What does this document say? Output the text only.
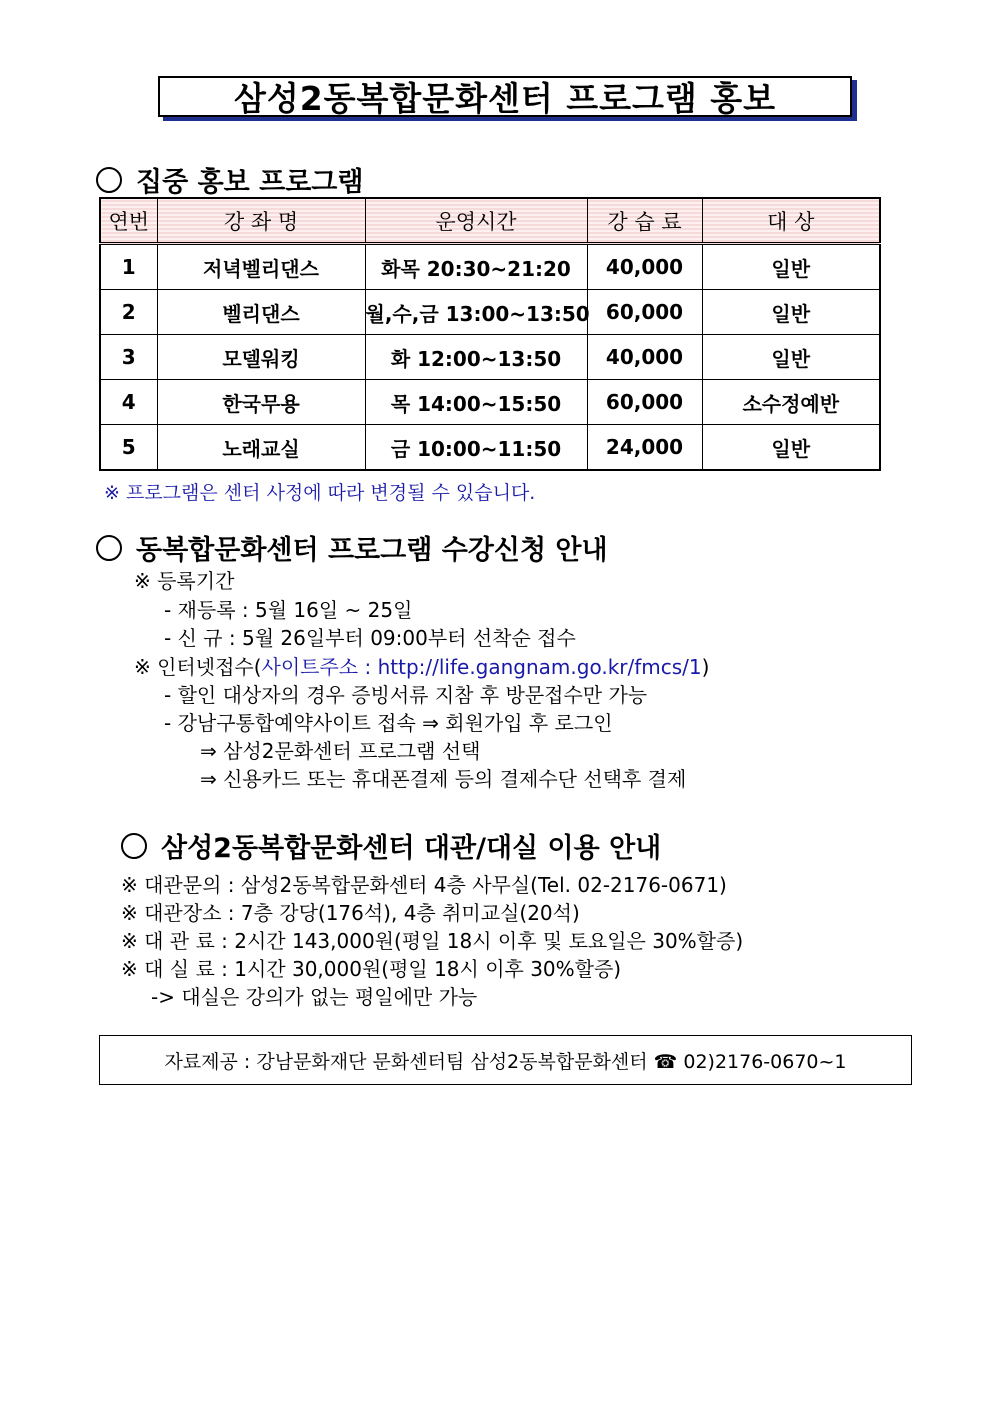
삼성2동복합문화센터 프로그램 홍보
집중 홍보 프로그램
연번	강 좌 명	운영시간	강 습 료	대 상
1	저녁벨리댄스	화목 20:30~21:20	40,000	일반
2	벨리댄스	월,수,금 13:00~13:50	60,000	일반
3	모델워킹	화 12:00~13:50	40,000	일반
4	한국무용	목 14:00~15:50	60,000	소수정예반
5	노래교실	금 10:00~11:50	24,000	일반
※ 프로그램은 센터 사정에 따라 변경될 수 있습니다.
동복합문화센터 프로그램 수강신청 안내
※ 등록기간
- 재등록 : 5월 16일 ~ 25일
- 신 규 : 5월 26일부터 09:00부터 선착순 접수
※ 인터넷접수(사이트주소 : http://life.gangnam.go.kr/fmcs/1)
- 할인 대상자의 경우 증빙서류 지참 후 방문접수만 가능
- 강남구통합예약사이트 접속 ⇒ 회원가입 후 로그인
⇒ 삼성2문화센터 프로그램 선택
⇒ 신용카드 또는 휴대폰결제 등의 결제수단 선택후 결제
삼성2동복합문화센터 대관/대실 이용 안내
※ 대관문의 : 삼성2동복합문화센터 4층 사무실(Tel. 02-2176-0671)
※ 대관장소 : 7층 강당(176석), 4층 취미교실(20석)
※ 대 관 료 : 2시간 143,000원(평일 18시 이후 및 토요일은 30%할증)
※ 대 실 료 : 1시간 30,000원(평일 18시 이후 30%할증)
-> 대실은 강의가 없는 평일에만 가능
자료제공 : 강남문화재단 문화센터팀 삼성2동복합문화센터 ☎ 02)2176-0670~1
